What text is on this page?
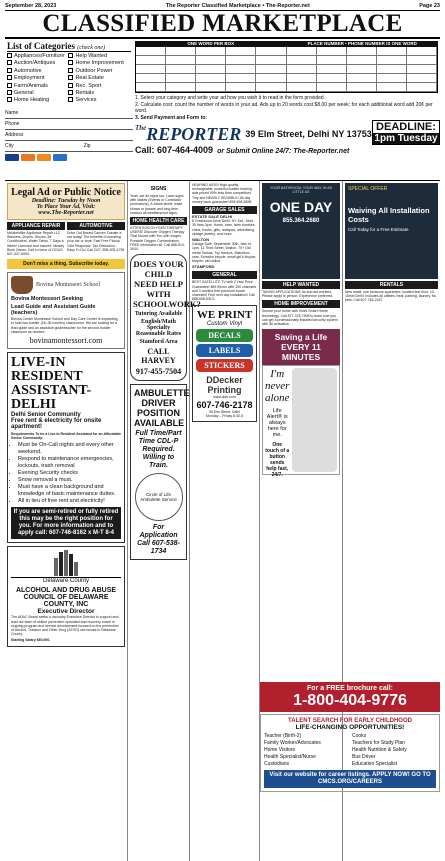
September 28, 2023	The Reporter Classified Marketplace • The-Reporter.net	Page 23
CLASSIFIED MARKETPLACE
List of Categories (check one)
Appliances/Furniture
Auction/Antiques
Automotive
Employment
Farm/Animals
General
Home Heating
Help Wanted
Home Improvement
Outdoor Power
Real Estate
Rec. Sport
Rentals
Services
ONE WORD PER BOX	PLACE NUMBER • PHONE NUMBER IS ONE WORD
1. Select your category and write your ad how you wish it to read in the form provided
2. Calculate cost: count the number of words in your ad. Ads up to 20 words cost $8.00 per week; for each additional word add 20¢ per word.
3. Send Payment and Form to:
$^{The}$REPORTER 39 Elm Street, Delhi NY 13753
Call: 607-464-4009 or Submit Online 24/7: The-Reporter.net
Name
Phone
Address
City	Zip
DEADLINE:
1pm Tuesday
Legal Ad or Public Notice
Deadline: Tuesday by Noon
To Place Your Ad, Visit:
www.The-Reporter.net
APPLIANCE REPAIR
MrNiceMike Appliance Repair LLC Washers, Dryers, Stoves, Air Conditioners, Water Tanks. 7 Days a Week! Licensed and Insured. Mickey Buck Owner. Call in honor of DOUG 607-437-6094.
AUTOMOTIVE
Drive Out Breast Cancer: Donate a car today! The benefits of donating your car or boat: Fast Free Pickup - 24hr Response. Tax Deduction - Easy To Do! Call 24/7: 855-905-4755
Don't miss a thing. Subscribe today.
Bovina Montessori School
Bovina Montessori Seeking
Lead Guide and Assistant Guide (teachers)
Bovina Center Montessori School and Day Care Center is expanding to hold two toddler (18–36 months) classrooms. We are looking for a lead guide and an assistant guide/teacher for the second toddler classroom as needed.
bovinamontessori.com
LIVE-IN RESIDENT ASSISTANT-DELHI
Delhi Senior Community
Free rent & electricity for onsite apartment!
Requirements To be a Live-In Resident Assistant for an Affordable Senior Community:
• Must be On-Call nights and every other weekend.
• Respond to maintenance emergencies, lockouts, trash removal
• Evening Security checks
• Snow removal a must.
• Must have a clean background and knowledge of basic maintenance duties.
• All in lieu of free rent and electricity!
If you are semi-retired or fully retired this may be the right position for you. For more information and to apply call: 607-746-8162 x M-T 8-4
Delaware County
ALCOHOL AND DRUG ABUSE COUNCIL OF DELAWARE COUNTY, INC
Executive Director
The ADAC Board seeks a visionary Executive Director to support and lead our team of skilled prevention specialist and recovery coach in ongoing program and service development focused on the prevention of Alcohol, Tobacco and Other Drug (ATOD) use issues in Delaware County.
Starting Salary $60,000.
SIGNS
Yeah, we do signs too. Lawn signs with stakes (Events or Contractor promotions), A-frame street, trade shows or parade and long term outdoor ali weatherproof signs.
HOME HEALTH CARE
ATTENTION OXYGEN THERAPY USERS! Discover Oxygen Therapy That Moves with You with Inogen Portable Oxygen Concentrators. FREE information kit. Call 888-514-3044.
DOES YOUR CHILD NEED HELP WITH SCHOOLWORK?
Tutoring Available
English/Math Specialty Reasonable Rates
Stamford Area
CALL HARVEY
917-455-7504
AMBULETTE DRIVER POSITION AVAILABLE
Full Time/Part Time CDL-P Required. Willing to Train.
Circle of Life Ambulette Service
For Application Call 607-538-1734
HEARING AIDS!! High-quality rechargeable, powerful Audien hearing aids priced 90% less than competitors. Tiny and NEARLY INVISIBLE! 45-day money back guarantee! 855-598-5898
GARAGE SALES
ESTATE SALE DELHI
8 Crestwood Drive Delhi, NY Sat., Sept. 30 9am-3pm. Home, barn, farm furniture, china, books, gifts, antiques, advertising, vintage jewelry, and more.
WALTON
Garage Sale, September 30th, 9am to 1pm, 11 Third Street, Walton. 70+ Old metal Tonkas, Toy tractors, Matchbox cars, Schwinn bicycle, small girl's bicycle, tricycle, old radios.
STAMFORD
GENERAL
BEST SATELLITE TV with 2 Year Price Guarantee! $59.99/mo with 190 channels and 3 months free premium movie channels! Free next day installation! Call 888-508-5313.
WE PRINT
Custom Vinyl
DECALS
LABELS
STICKERS
DDecker Printing
www.ddcr.com
607-746-2178
39 Elm Street, Delhi
Monday – Friday 8:30-5
YOUR BATHROOM, YOUR WAY, IN AS LITTLE AS
ONE DAY
855.364.2680
HELP WANTED
TAKING APPLICATIONS for sub aid workers. Please apply in person. Experience preferred.
HOME IMPROVEMENT
Secure your home with Vivint Smart Home technology. Call 877-378-7908 to learn how you can get a professionally installed security system with $0 activation.
Saving a Life EVERY 11 MINUTES
I'm never alone
Life Alert® is always here for me.
One touch of a button sends help fast, 24/7.
SPECIAL OFFER
Waiving All Installation Costs
Call Today for a Free Estimate
RENTALS
New small, one bedroom apartment, located first floor, 10-15min Delhi. Includes all utilities, heat, parking, laundry. No pets. Call 607-746-2187.
For a FREE brochure call:
1-800-404-9776
TALENT SEARCH FOR EARLY CHILDHOOD
LIFE-CHANGING OPPORTUNITIES!
Teacher (Birth-2)
Family Worker/Advocates
Home Visitors
Health Specialist/Nurse
Custodians
Cooks
Teachers for Study Plan
Health Nutrition & Safety
Bus Driver
Education Specialist
Visit our website for career listings. APPLY NOW! GO TO CMCS.ORG/CAREERS
